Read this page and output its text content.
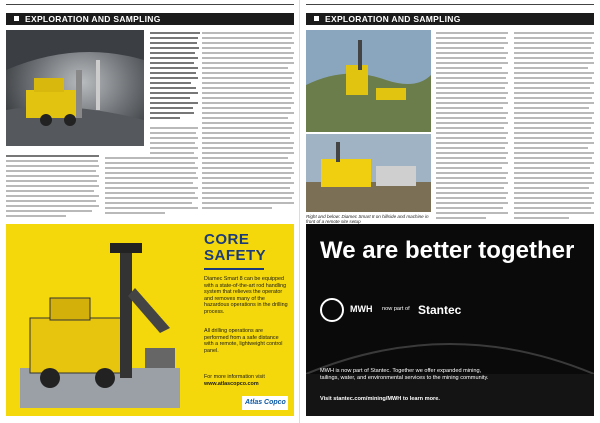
EXPLORATION AND SAMPLING
CORE
SAFETY
Diamec Smart 8 can be equipped with a state-of-the-art rod handling system that relieves the operator and removes many of the hazardous operations in the drilling process.
All drilling operations are performed from a safe distance with a remote, lightweight control panel.
For more information visit
www.atlascopco.com
Atlas Copco
EXPLORATION AND SAMPLING
Right and below: Diamec Smart 8 on hillside and machine in front of a remote site setup
We are better together
MWH now part of Stantec
MWH is now part of Stantec. Together we offer expanded mining, tailings, water, and environmental services to the mining community.
Visit stantec.com/mining/MWH to learn more.
